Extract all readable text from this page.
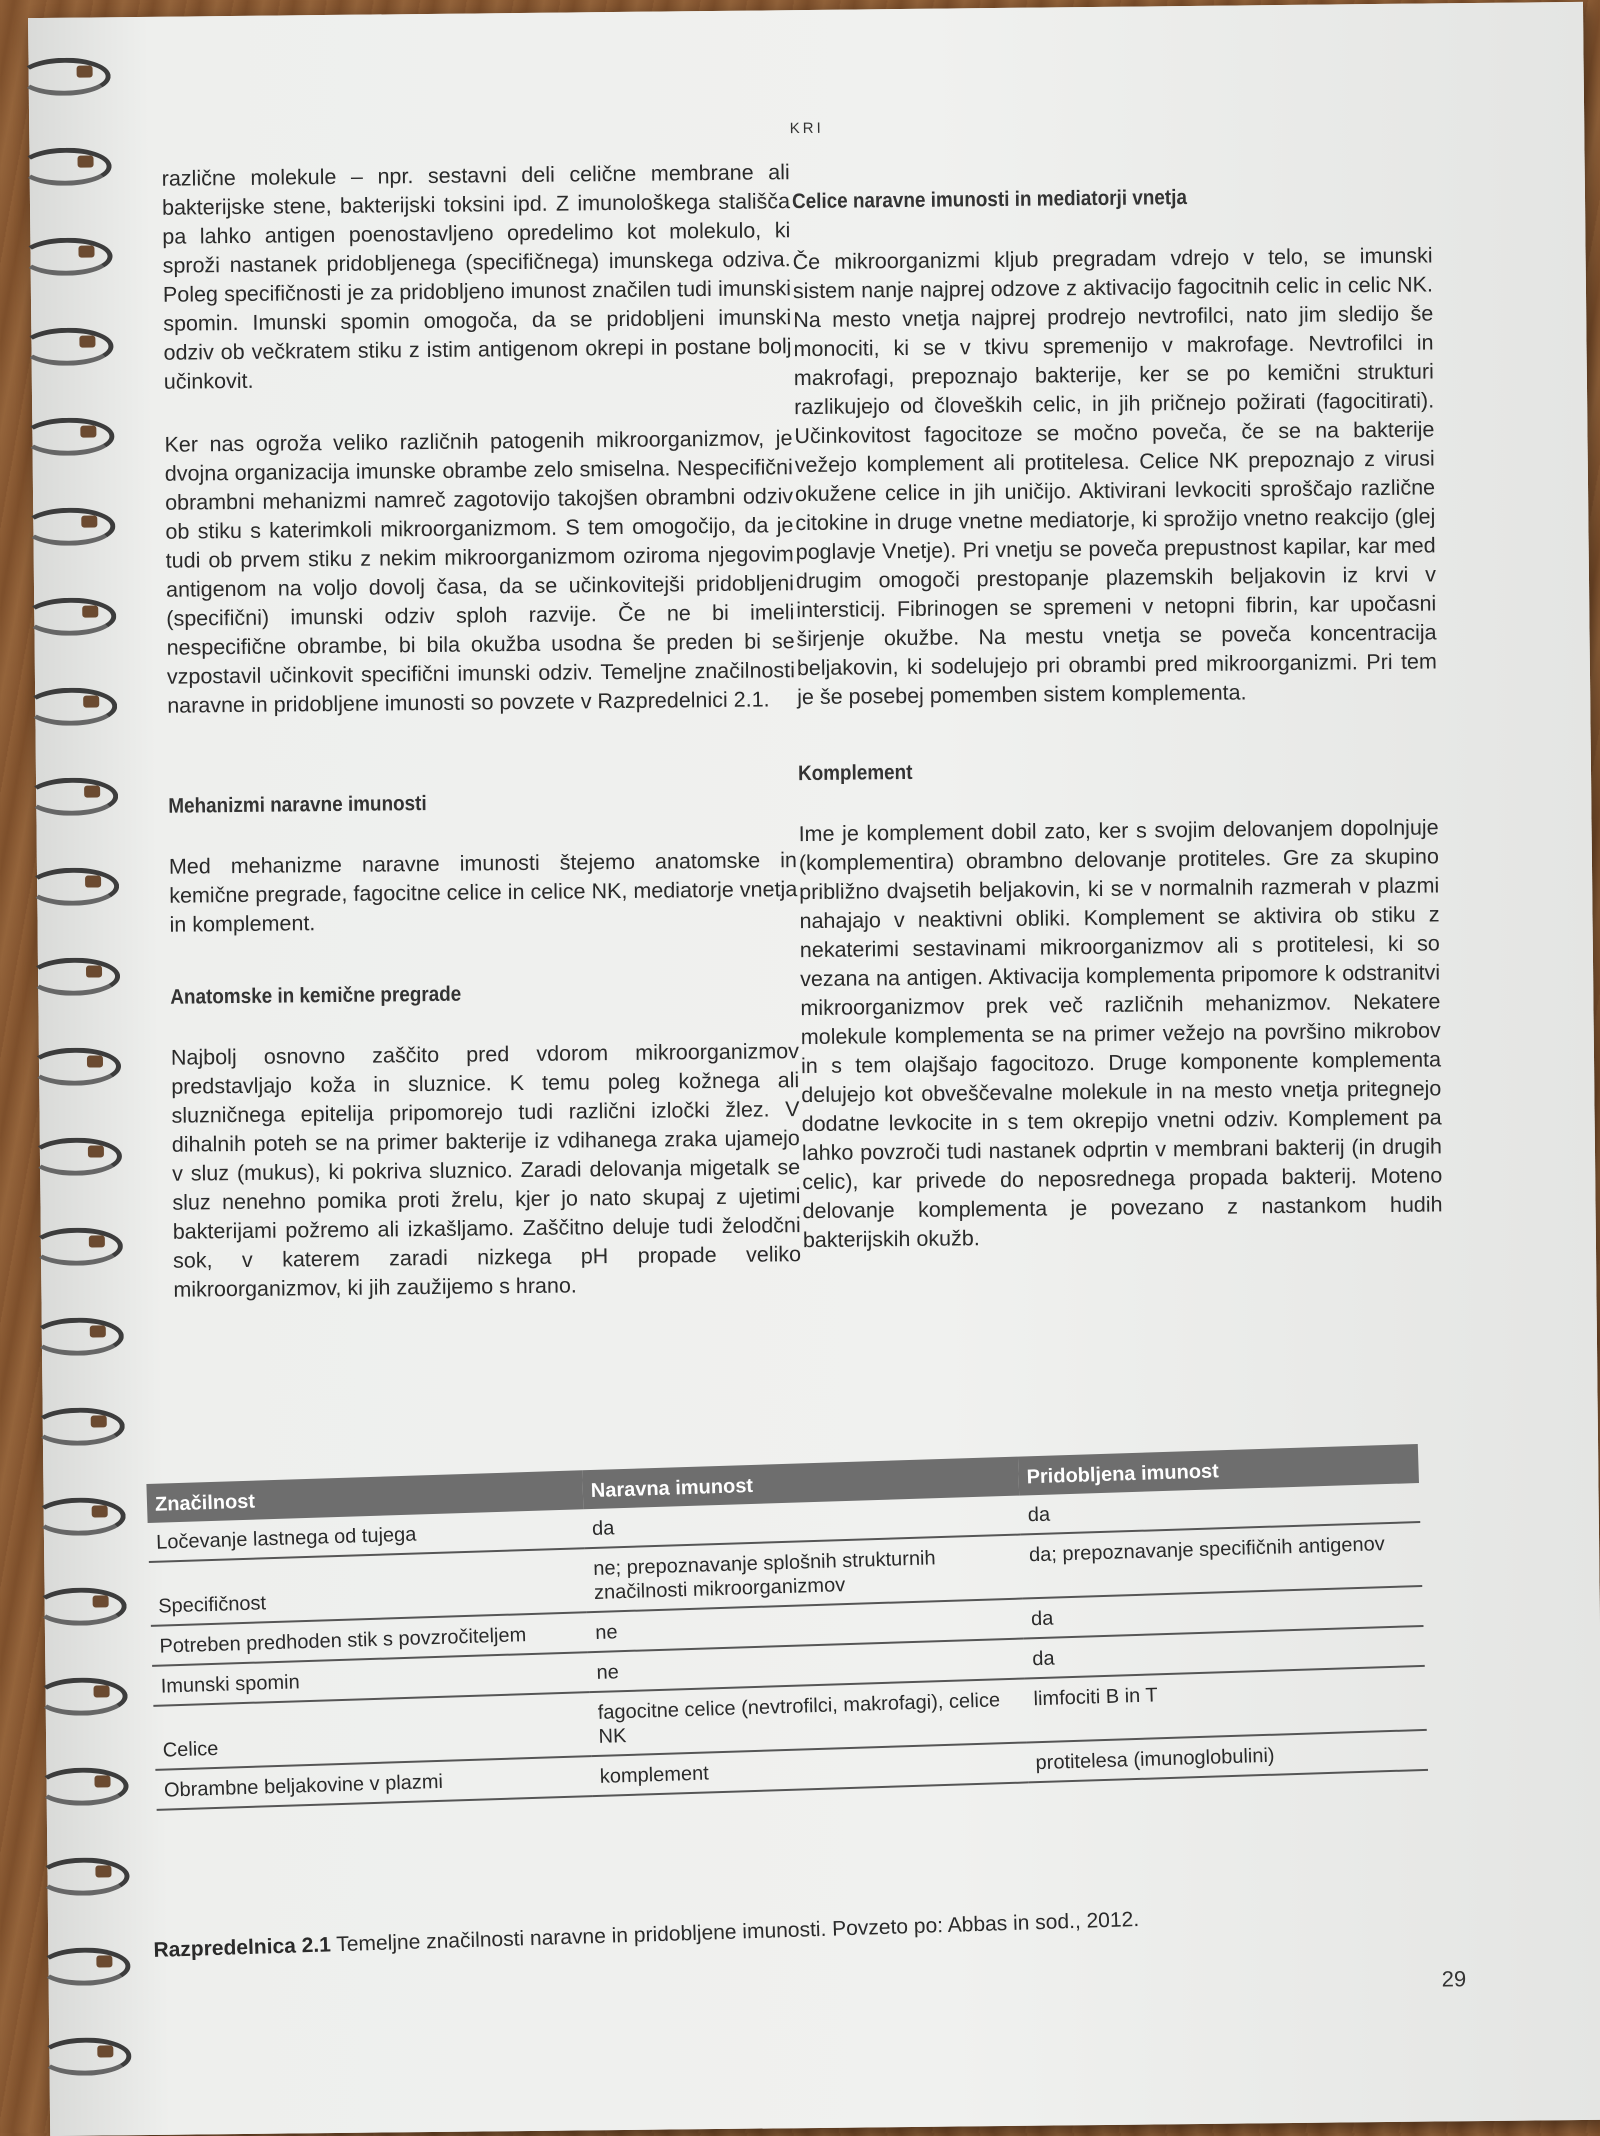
KRI

različne molekule – npr. sestavni deli celične membrane ali bakterijske stene, bakterijski toksini ipd. Z imunološkega stališča pa lahko antigen poenostavljeno opredelimo kot molekulo, ki sproži nastanek pridobljenega (specifičnega) imunskega odziva. Poleg specifičnosti je za pridobljeno imunost značilen tudi imunski spomin. Imunski spomin omogoča, da se pridobljeni imunski odziv ob večkratem stiku z istim antigenom okrepi in postane bolj učinkovit.

Ker nas ogroža veliko različnih patogenih mikroorganizmov, je dvojna organizacija imunske obrambe zelo smiselna. Nespecifični obrambni mehanizmi namreč zagotovijo takojšen obrambni odziv ob stiku s katerimkoli mikroorganizmom. S tem omogočijo, da je tudi ob prvem stiku z nekim mikroorganizmom oziroma njegovim antigenom na voljo dovolj časa, da se učinkovitejši pridobljeni (specifični) imunski odziv sploh razvije. Če ne bi imeli nespecifične obrambe, bi bila okužba usodna še preden bi se vzpostavil učinkovit specifični imunski odziv. Temeljne značilnosti naravne in pridobljene imunosti so povzete v Razpredelnici 2.1.

Mehanizmi naravne imunosti

Med mehanizme naravne imunosti štejemo anatomske in kemične pregrade, fagocitne celice in celice NK, mediatorje vnetja in komplement.

Anatomske in kemične pregrade

Najbolj osnovno zaščito pred vdorom mikroorganizmov predstavljajo koža in sluznice. K temu poleg kožnega ali sluzničnega epitelija pripomorejo tudi različni izločki žlez. V dihalnih poteh se na primer bakterije iz vdihanega zraka ujamejo v sluz (mukus), ki pokriva sluznico. Zaradi delovanja migetalk se sluz nenehno pomika proti žrelu, kjer jo nato skupaj z ujetimi bakterijami požremo ali izkašljamo. Zaščitno deluje tudi želodčni sok, v katerem zaradi nizkega pH propade veliko mikroorganizmov, ki jih zaužijemo s hrano.

Celice naravne imunosti in mediatorji vnetja

Če mikroorganizmi kljub pregradam vdrejo v telo, se imunski sistem nanje najprej odzove z aktivacijo fagocitnih celic in celic NK. Na mesto vnetja najprej prodrejo nevtrofilci, nato jim sledijo še monociti, ki se v tkivu spremenijo v makrofage. Nevtrofilci in makrofagi, prepoznajo bakterije, ker se po kemični strukturi razlikujejo od človeških celic, in jih pričnejo požirati (fagocitirati). Učinkovitost fagocitoze se močno poveča, če se na bakterije vežejo komplement ali protitelesa. Celice NK prepoznajo z virusi okužene celice in jih uničijo. Aktivirani levkociti sproščajo različne citokine in druge vnetne mediatorje, ki sprožijo vnetno reakcijo (glej poglavje Vnetje). Pri vnetju se poveča prepustnost kapilar, kar med drugim omogoči prestopanje plazemskih beljakovin iz krvi v intersticij. Fibrinogen se spremeni v netopni fibrin, kar upočasni širjenje okužbe. Na mestu vnetja se poveča koncentracija beljakovin, ki sodelujejo pri obrambi pred mikroorganizmi. Pri tem je še posebej pomemben sistem komplementa.

Komplement

Ime je komplement dobil zato, ker s svojim delovanjem dopolnjuje (komplementira) obrambno delovanje protiteles. Gre za skupino približno dvajsetih beljakovin, ki se v normalnih razmerah v plazmi nahajajo v neaktivni obliki. Komplement se aktivira ob stiku z nekaterimi sestavinami mikroorganizmov ali s protitelesi, ki so vezana na antigen. Aktivacija komplementa pripomore k odstranitvi mikroorganizmov prek več različnih mehanizmov. Nekatere molekule komplementa se na primer vežejo na površino mikrobov in s tem olajšajo fagocitozo. Druge komponente komplementa delujejo kot obveščevalne molekule in na mesto vnetja pritegnejo dodatne levkocite in s tem okrepijo vnetni odziv. Komplement pa lahko povzroči tudi nastanek odprtin v membrani bakterij (in drugih celic), kar privede do neposrednega propada bakterij. Moteno delovanje komplementa je povezano z nastankom hudih bakterijskih okužb.

Značilnost	Naravna imunost	Pridobljena imunost
Ločevanje lastnega od tujega	da	da
Specifičnost	ne; prepoznavanje splošnih strukturnih značilnosti mikroorganizmov	da; prepoznavanje specifičnih antigenov
Potreben predhoden stik s povzročiteljem	ne	da
Imunski spomin	ne	da
Celice	fagocitne celice (nevtrofilci, makrofagi), celice NK	limfociti B in T
Obrambne beljakovine v plazmi	komplement	protitelesa (imunoglobulini)
Razpredelnica 2.1 Temeljne značilnosti naravne in pridobljene imunosti. Povzeto po: Abbas in sod., 2012.
29
